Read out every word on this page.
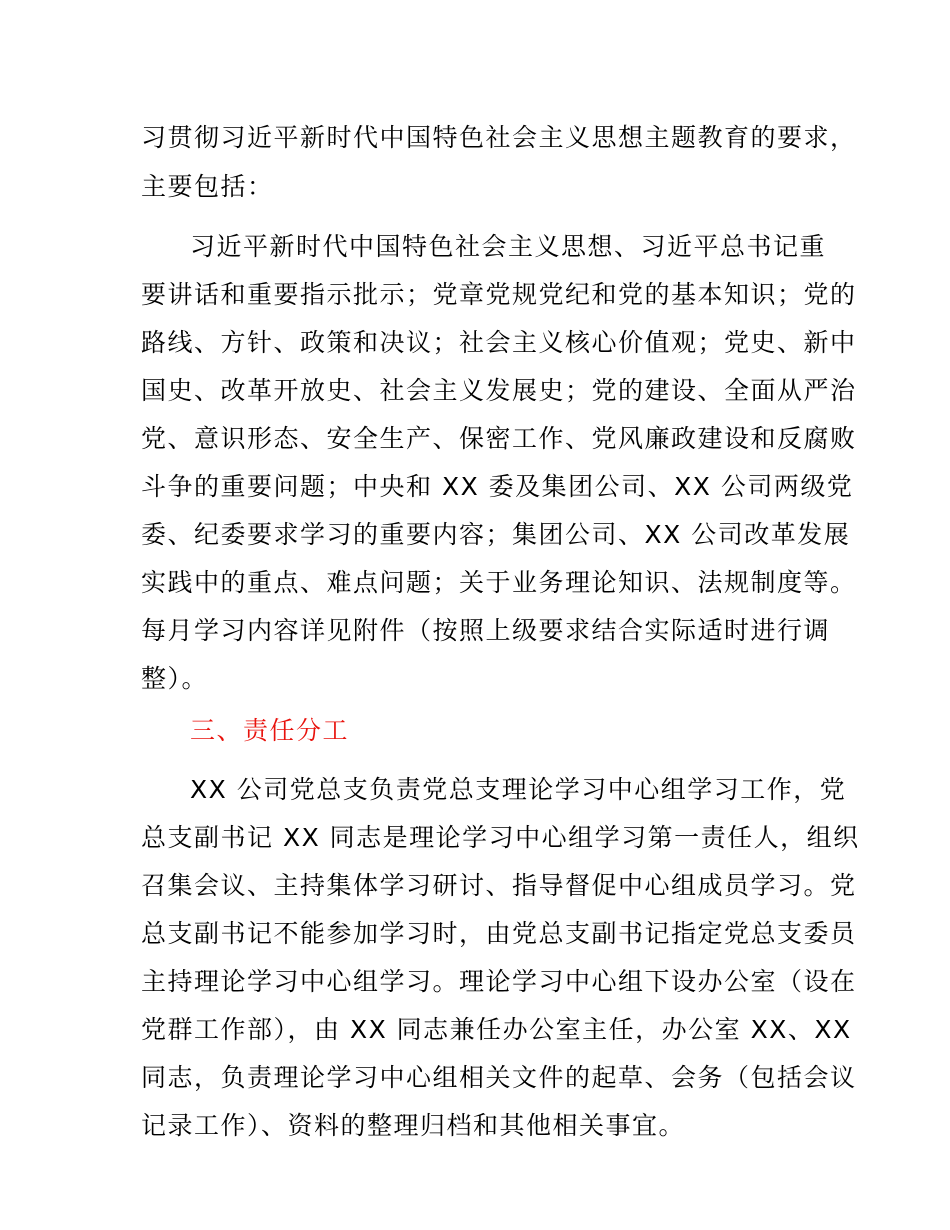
习贯彻习近平新时代中国特色社会主义思想主题教育的要求，
主要包括：
习近平新时代中国特色社会主义思想、习近平总书记重
要讲话和重要指示批示；党章党规党纪和党的基本知识；党的
路线、方针、政策和决议；社会主义核心价值观；党史、新中
国史、改革开放史、社会主义发展史；党的建设、全面从严治
党、意识形态、安全生产、保密工作、党风廉政建设和反腐败
斗争的重要问题；中央和 XX 委及集团公司、XX 公司两级党
委、纪委要求学习的重要内容；集团公司、XX 公司改革发展
实践中的重点、难点问题；关于业务理论知识、法规制度等。
每月学习内容详见附件（按照上级要求结合实际适时进行调
整）。
三、责任分工
XX 公司党总支负责党总支理论学习中心组学习工作，党
总支副书记 XX 同志是理论学习中心组学习第一责任人，组织
召集会议、主持集体学习研讨、指导督促中心组成员学习。党
总支副书记不能参加学习时，由党总支副书记指定党总支委员
主持理论学习中心组学习。理论学习中心组下设办公室（设在
党群工作部），由 XX 同志兼任办公室主任，办公室 XX、XX
同志，负责理论学习中心组相关文件的起草、会务（包括会议
记录工作）、资料的整理归档和其他相关事宜。
